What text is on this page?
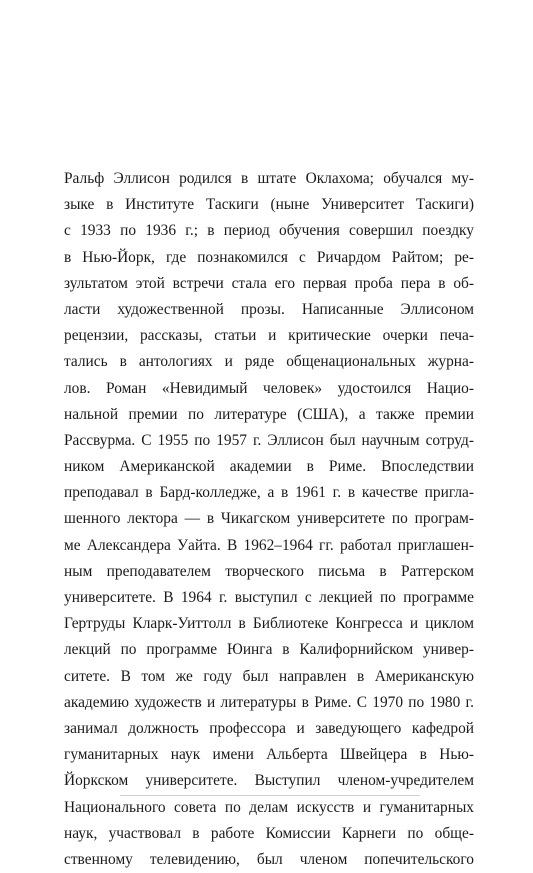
Ральф Эллисон родился в штате Оклахома; обучался му-
зыке в Институте Таскиги (ныне Университет Таскиги)
с 1933 по 1936 г.; в период обучения совершил поездку
в Нью-Йорк, где познакомился с Ричардом Райтом; ре-
зультатом этой встречи стала его первая проба пера в об-
ласти художественной прозы. Написанные Эллисоном
рецензии, рассказы, статьи и критические очерки печа-
тались в антологиях и ряде общенациональных журна-
лов. Роман «Невидимый человек» удостоился Нацио-
нальной премии по литературе (США), а также премии
Рассвурма. С 1955 по 1957 г. Эллисон был научным сотруд-
ником Американской академии в Риме. Впоследствии
преподавал в Бард-колледже, а в 1961 г. в качестве пригла-
шенного лектора — в Чикагском университете по програм-
ме Александера Уайта. В 1962–1964 гг. работал приглашен-
ным преподавателем творческого письма в Ратгерском
университете. В 1964 г. выступил с лекцией по программе
Гертруды Кларк-Уиттолл в Библиотеке Конгресса и циклом
лекций по программе Юинга в Калифорнийском универ-
ситете. В том же году был направлен в Американскую
академию художеств и литературы в Риме. С 1970 по 1980 г.
занимал должность профессора и заведующего кафедрой
гуманитарных наук имени Альберта Швейцера в Нью-
Йоркском университете. Выступил членом-учредителем
Национального совета по делам искусств и гуманитарных
наук, участвовал в работе Комиссии Карнеги по обще-
ственному телевидению, был членом попечительского
